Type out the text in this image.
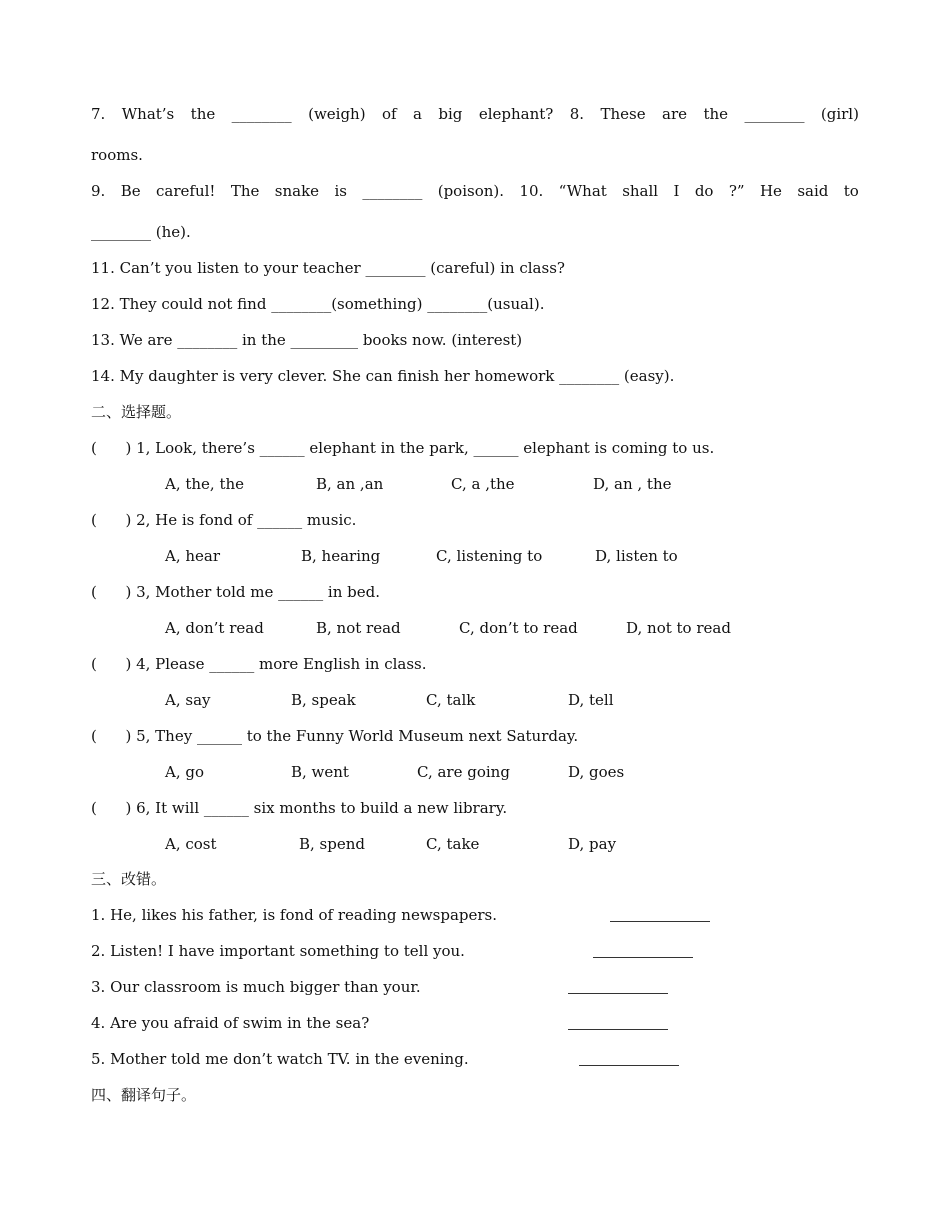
7. What’s the ________ (weigh) of a big elephant? 8. These are the ________ (girl)
rooms.
9. Be careful! The snake is ________ (poison). 10. “What shall I do ?” He said to
________ (he).
11. Can’t you listen to your teacher ________ (careful) in class?
12. They could not find ________(something) ________(usual).
13. We are ________ in the _________ books now. (interest)
14. My daughter is very clever. She can finish her homework ________ (easy).
二、选择题。
(      ) 1, Look, there’s ______ elephant in the park, ______ elephant is coming to us.
A, the, the	B, an ,an	C, a ,the	D, an , the
(      ) 2, He is fond of ______ music.
A, hear	B, hearing	C, listening to	D, listen to
(      ) 3, Mother told me ______ in bed.
A, don’t read	B, not read	C, don’t to read	D, not to read
(      ) 4, Please ______ more English in class.
A, say	B, speak	C, talk	D, tell
(      ) 5, They ______ to the Funny World Museum next Saturday.
A, go	B, went	C, are going	D, goes
(      ) 6, It will ______ six months to build a new library.
A, cost	B, spend	C, take	D, pay
三、改错。
1. He, likes his father, is fond of reading newspapers.
2. Listen! I have important something to tell you.
3. Our classroom is much bigger than your.
4. Are you afraid of swim in the sea?
5. Mother told me don’t watch TV. in the evening.
四、翻译句子。
